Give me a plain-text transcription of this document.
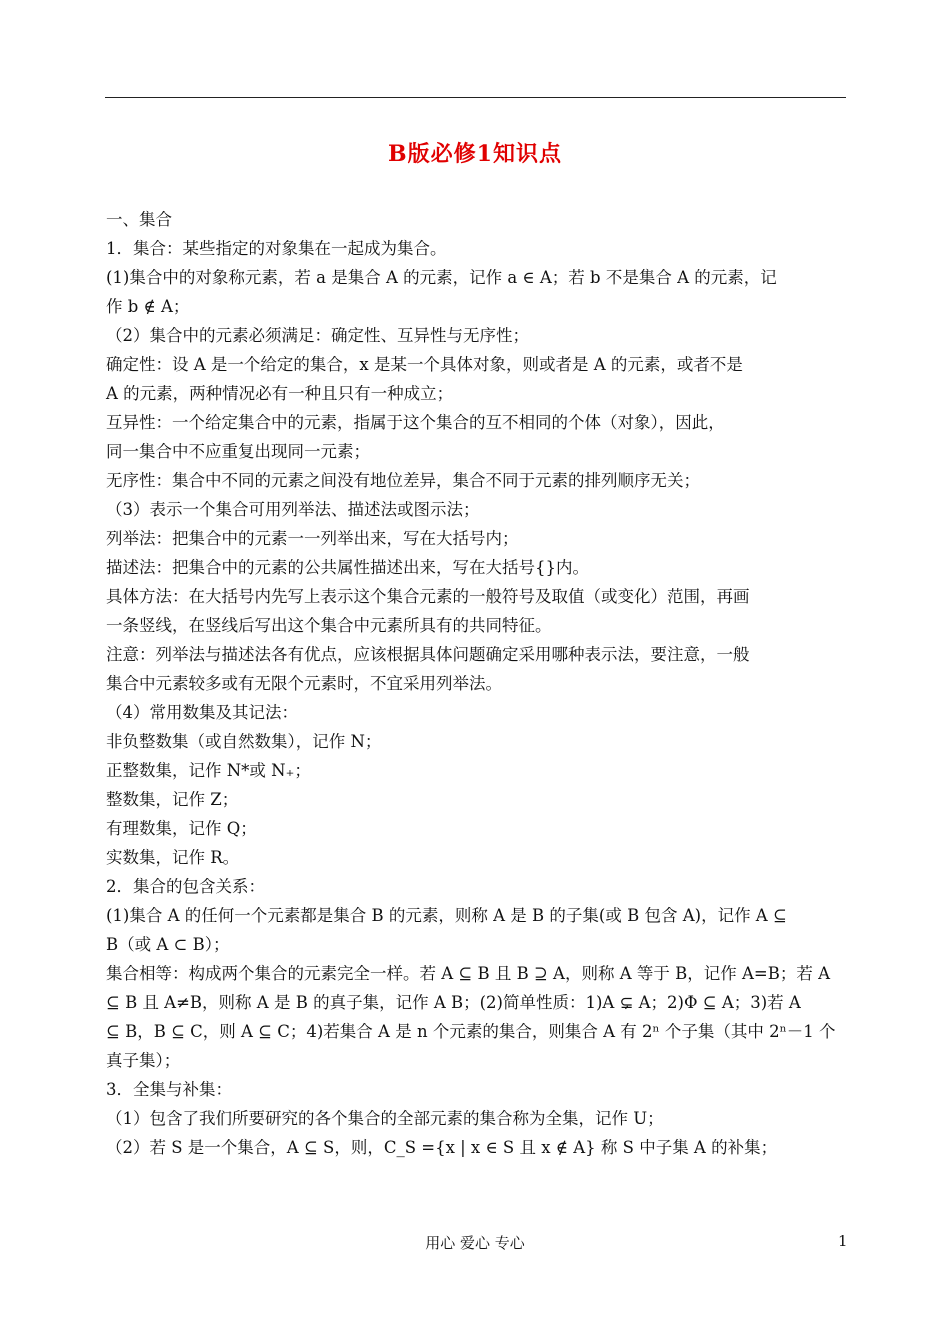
B版必修1知识点
一、集合
1．集合：某些指定的对象集在一起成为集合。
(1)集合中的对象称元素，若 a 是集合 A 的元素，记作 a ∈ A；若 b 不是集合 A 的元素，记
作 b ∉ A；
（2）集合中的元素必须满足：确定性、互异性与无序性；
确定性：设 A 是一个给定的集合，x 是某一个具体对象，则或者是 A 的元素，或者不是
A 的元素，两种情况必有一种且只有一种成立；
互异性：一个给定集合中的元素，指属于这个集合的互不相同的个体（对象），因此，
同一集合中不应重复出现同一元素；
无序性：集合中不同的元素之间没有地位差异，集合不同于元素的排列顺序无关；
（3）表示一个集合可用列举法、描述法或图示法；
列举法：把集合中的元素一一列举出来，写在大括号内；
描述法：把集合中的元素的公共属性描述出来，写在大括号{}内。
具体方法：在大括号内先写上表示这个集合元素的一般符号及取值（或变化）范围，再画
一条竖线，在竖线后写出这个集合中元素所具有的共同特征。
注意：列举法与描述法各有优点，应该根据具体问题确定采用哪种表示法，要注意，一般
集合中元素较多或有无限个元素时，不宜采用列举法。
（4）常用数集及其记法：
非负整数集（或自然数集），记作 N；
正整数集，记作 N*或 N₊；
整数集，记作 Z；
有理数集，记作 Q；
实数集，记作 R。
2．集合的包含关系：
(1)集合 A 的任何一个元素都是集合 B 的元素，则称 A 是 B 的子集(或 B 包含 A)，记作 A ⊆
B（或 A ⊂ B）；
集合相等：构成两个集合的元素完全一样。若 A ⊆ B 且 B ⊇ A，则称 A 等于 B，记作 A=B；若 A
⊆ B 且 A≠B，则称 A 是 B 的真子集，记作 A B；(2)简单性质：1)A ⊊ A；2)Φ ⊆ A；3)若 A
⊆ B，B ⊆ C，则 A ⊆ C；4)若集合 A 是 n 个元素的集合，则集合 A 有 2ⁿ 个子集（其中 2ⁿ－1 个
真子集）；
3．全集与补集：
（1）包含了我们所要研究的各个集合的全部元素的集合称为全集，记作 U；
（2）若 S 是一个集合，A ⊆ S，则，C_S ={x | x ∈ S 且 x ∉ A} 称 S 中子集 A 的补集；
用心 爱心 专心	1
